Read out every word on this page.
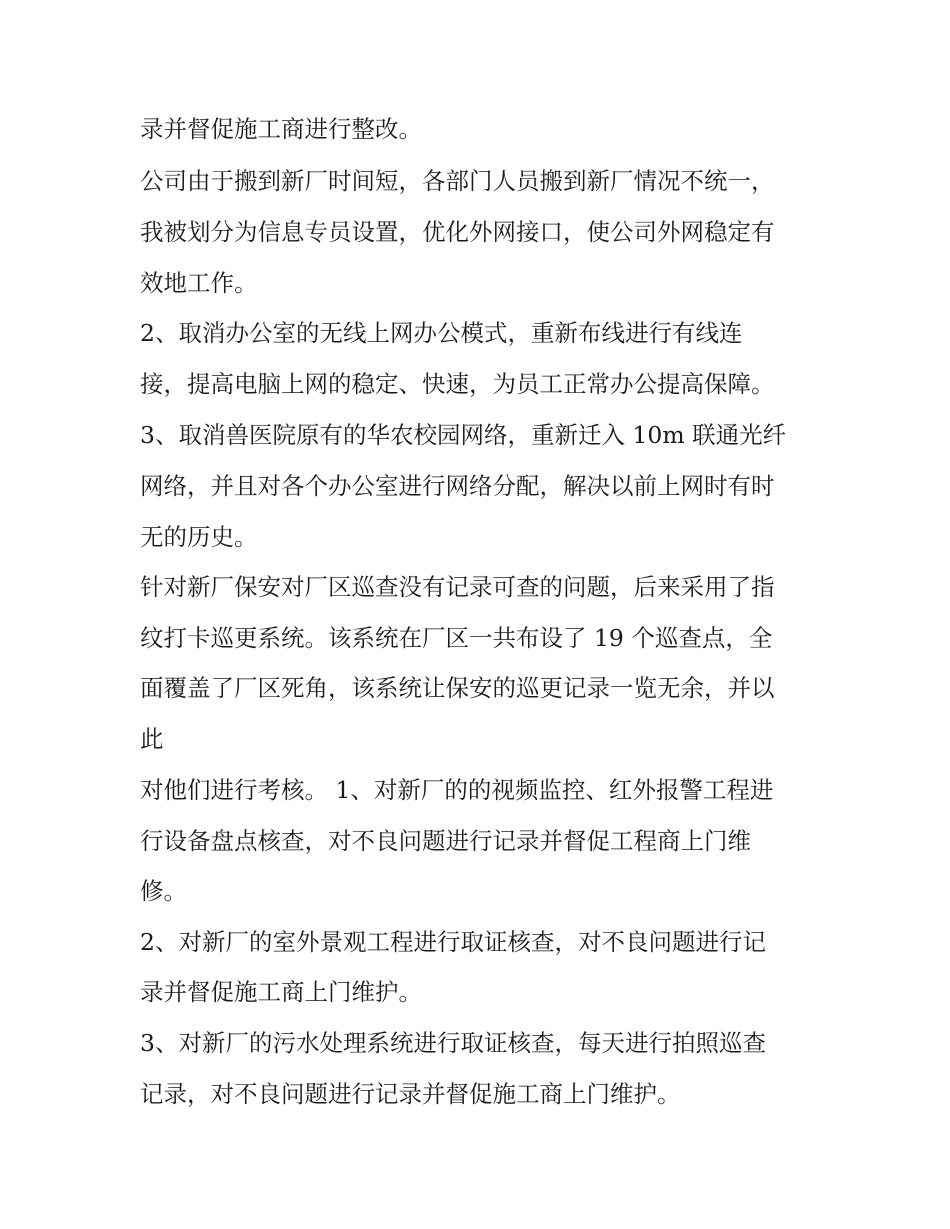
录并督促施工商进行整改。
公司由于搬到新厂时间短，各部门人员搬到新厂情况不统一，
我被划分为信息专员设置，优化外网接口，使公司外网稳定有
效地工作。
2、取消办公室的无线上网办公模式，重新布线进行有线连
接，提高电脑上网的稳定、快速，为员工正常办公提高保障。
3、取消兽医院原有的华农校园网络，重新迁入 10m 联通光纤
网络，并且对各个办公室进行网络分配，解决以前上网时有时
无的历史。
针对新厂保安对厂区巡查没有记录可查的问题，后来采用了指
纹打卡巡更系统。该系统在厂区一共布设了 19 个巡查点，全
面覆盖了厂区死角，该系统让保安的巡更记录一览无余，并以
此
对他们进行考核。 1、对新厂的的视频监控、红外报警工程进
行设备盘点核查，对不良问题进行记录并督促工程商上门维
修。
2、对新厂的室外景观工程进行取证核查，对不良问题进行记
录并督促施工商上门维护。
3、对新厂的污水处理系统进行取证核查，每天进行拍照巡查
记录，对不良问题进行记录并督促施工商上门维护。
